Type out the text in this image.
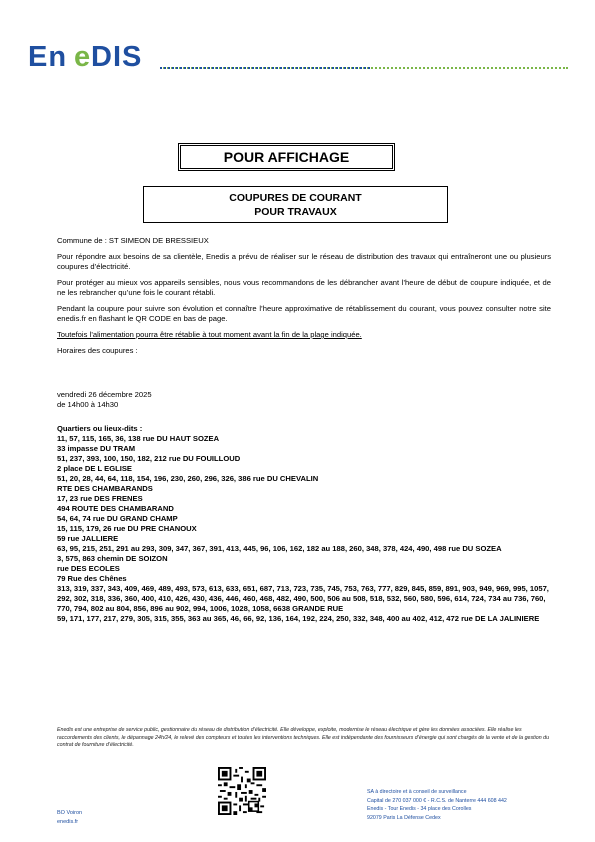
En e DIS
POUR AFFICHAGE
COUPURES DE COURANT
POUR TRAVAUX

Commune de : ST SIMEON DE BRESSIEUX

Pour répondre aux besoins de sa clientèle, Enedis a prévu de réaliser sur le réseau de distribution des travaux qui entraîneront une ou plusieurs coupures d’électricité.

Pour protéger au mieux vos appareils sensibles, nous vous recommandons de les débrancher avant l’heure de début de coupure indiquée, et de ne les rebrancher qu’une fois le courant rétabli.

Pendant la coupure pour suivre son évolution et connaître l’heure approximative de rétablissement du courant, vous pouvez consulter notre site enedis.fr en flashant le QR CODE en bas de page.

Toutefois l’alimentation pourra être rétablie à tout moment avant la fin de la plage indiquée.

Horaires des coupures :

vendredi 26 décembre 2025
de 14h00 à 14h30
Quartiers ou lieux-dits :
11, 57, 115, 165, 36, 138 rue DU HAUT SOZEA
33 impasse DU TRAM
51, 237, 393, 100, 150, 182, 212 rue DU FOUILLOUD
2 place DE L EGLISE
51, 20, 28, 44, 64, 118, 154, 196, 230, 260, 296, 326, 386 rue DU CHEVALIN
RTE DES CHAMBARANDS
17, 23 rue DES FRENES
494 ROUTE DES CHAMBARAND
54, 64, 74 rue DU GRAND CHAMP
15, 115, 179, 26 rue DU PRE CHANOUX
59 rue JALLIERE
63, 95, 215, 251, 291 au 293, 309, 347, 367, 391, 413, 445, 96, 106, 162, 182 au 188, 260, 348, 378, 424, 490, 498 rue DU SOZEA
3, 575, 863 chemin DE SOIZON
rue DES ECOLES
79 Rue des Chênes
313, 319, 337, 343, 409, 469, 489, 493, 573, 613, 633, 651, 687, 713, 723, 735, 745, 753, 763, 777, 829, 845, 859, 891, 903, 949, 969, 995, 1057, 292, 302, 318, 336, 360, 400, 410, 426, 430, 436, 446, 460, 468, 482, 490, 500, 506 au 508, 518, 532, 560, 580, 596, 614, 724, 734 au 736, 760, 770, 794, 802 au 804, 856, 896 au 902, 994, 1006, 1028, 1058, 6638 GRANDE RUE
59, 171, 177, 217, 279, 305, 315, 355, 363 au 365, 46, 66, 92, 136, 164, 192, 224, 250, 332, 348, 400 au 402, 412, 472 rue DE LA JALINIERE
Enedis est une entreprise de service public, gestionnaire du réseau de distribution d’électricité. Elle développe, exploite, modernise le réseau électrique et gère les données associées. Elle réalise les raccordements des clients, le dépannage 24h/24, le relevé des compteurs et toutes les interventions techniques. Elle est indépendante des fournisseurs d’énergie qui sont chargés de la vente et de la gestion du contrat de fourniture d’électricité.
BO Voiron
enedis.fr
SA à directoire et à conseil de surveillance
Capital de 270 037 000 € - R.C.S. de Nanterre 444 608 442
Enedis - Tour Enedis - 34 place des Corolles
92079 Paris La Défense Cedex
